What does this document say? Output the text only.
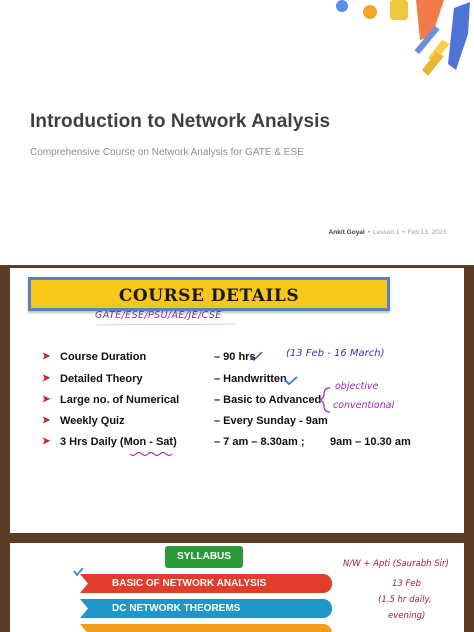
Introduction to Network Analysis
Comprehensive Course on Network Analysis for GATE & ESE
Ankit Goyal • Lesson 1 • Feb 13, 2023
COURSE DETAILS
GATE/ESE/PSU/AE/JE/CSE
➤ Course Duration	– 90 hrs
➤ Detailed Theory	– Handwritten
➤ Large no. of Numerical	– Basic to Advanced
➤ Weekly Quiz	– Every Sunday - 9am
➤ 3 Hrs Daily (Mon - Sat)	– 7 am – 8.30am ; 9am – 10.30 am
(13 Feb - 16 March)
objective
conventional
SYLLABUS
BASIC OF NETWORK ANALYSIS
DC NETWORK THEOREMS
N/W + Apti (Saurabh Sir)
13 Feb
(1.5 hr daily,
evening)
